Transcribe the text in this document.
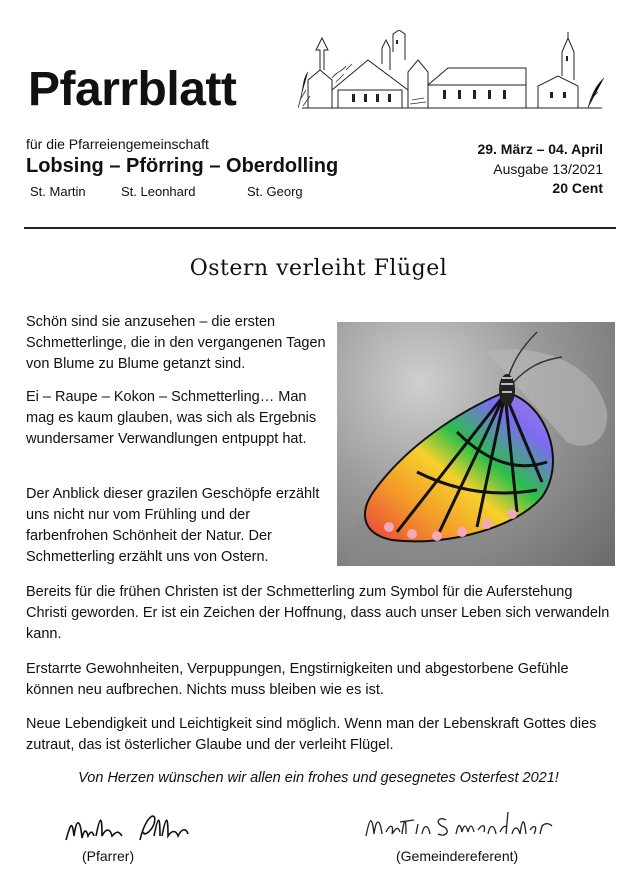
Pfarrblatt
für die Pfarreiengemeinschaft
Lobsing – Pförring – Oberdolling
St. Martin	St. Leonhard	St. Georg
29. März – 04. April
Ausgabe 13/2021
20 Cent
Ostern verleiht Flügel
Schön sind sie anzusehen – die ersten Schmetterlinge, die in den vergangenen Tagen von Blume zu Blume getanzt sind.
Ei – Raupe – Kokon – Schmetterling… Man mag es kaum glauben, was sich als Ergebnis wundersamer Verwandlungen entpuppt hat.
Der Anblick dieser grazilen Geschöpfe erzählt uns nicht nur vom Frühling und der farbenfrohen Schönheit der Natur. Der Schmetterling erzählt uns von Ostern.
Bereits für die frühen Christen ist der Schmetterling zum Symbol für die Auferstehung Christi geworden. Er ist ein Zeichen der Hoffnung, dass auch unser Leben sich verwandeln kann.
Erstarrte Gewohnheiten, Verpuppungen, Engstirnigkeiten und abgestorbene Gefühle können neu aufbrechen. Nichts muss bleiben wie es ist.
Neue Lebendigkeit und Leichtigkeit sind möglich. Wenn man der Lebenskraft Gottes dies zutraut, das ist österlicher Glaube und der verleiht Flügel.
Von Herzen wünschen wir allen ein frohes und gesegnetes Osterfest 2021!
(Pfarrer)	(Gemeindereferent)
